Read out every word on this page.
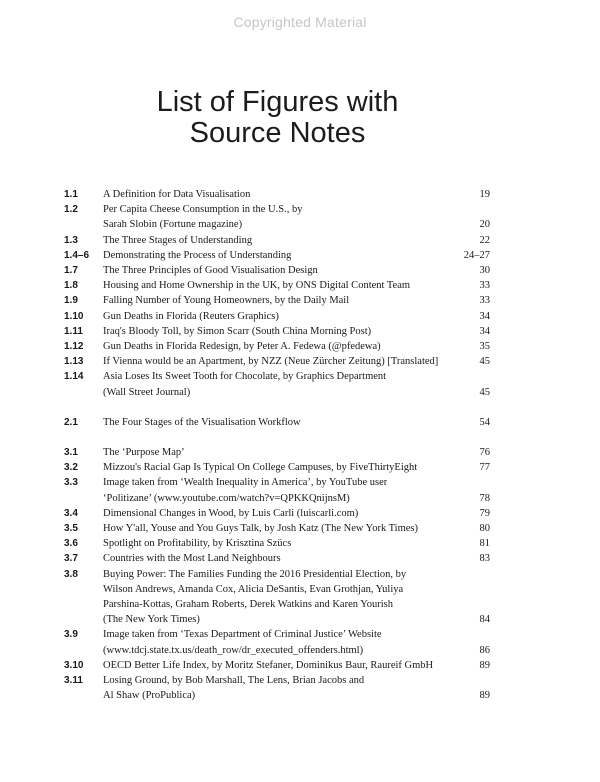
Copyrighted Material
List of Figures with
Source Notes
1.1 A Definition for Data Visualisation	19
1.2 Per Capita Cheese Consumption in the U.S., by
Sarah Slobin (Fortune magazine)	20
1.3 The Three Stages of Understanding	22
1.4–6 Demonstrating the Process of Understanding	24–27
1.7 The Three Principles of Good Visualisation Design	30
1.8 Housing and Home Ownership in the UK, by ONS Digital Content Team	33
1.9 Falling Number of Young Homeowners, by the Daily Mail	33
1.10 Gun Deaths in Florida (Reuters Graphics)	34
1.11 Iraq's Bloody Toll, by Simon Scarr (South China Morning Post)	34
1.12 Gun Deaths in Florida Redesign, by Peter A. Fedewa (@pfedewa)	35
1.13 If Vienna would be an Apartment, by NZZ (Neue Zürcher Zeitung) [Translated]	45
1.14 Asia Loses Its Sweet Tooth for Chocolate, by Graphics Department
(Wall Street Journal)	45
2.1 The Four Stages of the Visualisation Workflow	54
3.1 The ‘Purpose Map’	76
3.2 Mizzou's Racial Gap Is Typical On College Campuses, by FiveThirtyEight	77
3.3 Image taken from ‘Wealth Inequality in America’, by YouTube user
‘Politizane’ (www.youtube.com/watch?v=QPKKQnijnsM)	78
3.4 Dimensional Changes in Wood, by Luis Carli (luiscarli.com)	79
3.5 How Y'all, Youse and You Guys Talk, by Josh Katz (The New York Times)	80
3.6 Spotlight on Profitability, by Krisztina Szücs	81
3.7 Countries with the Most Land Neighbours	83
3.8 Buying Power: The Families Funding the 2016 Presidential Election, by
Wilson Andrews, Amanda Cox, Alicia DeSantis, Evan Grothjan, Yuliya
Parshina-Kottas, Graham Roberts, Derek Watkins and Karen Yourish
(The New York Times)	84
3.9 Image taken from ‘Texas Department of Criminal Justice’ Website
(www.tdcj.state.tx.us/death_row/dr_executed_offenders.html)	86
3.10 OECD Better Life Index, by Moritz Stefaner, Dominikus Baur, Raureif GmbH	89
3.11 Losing Ground, by Bob Marshall, The Lens, Brian Jacobs and
Al Shaw (ProPublica)	89
